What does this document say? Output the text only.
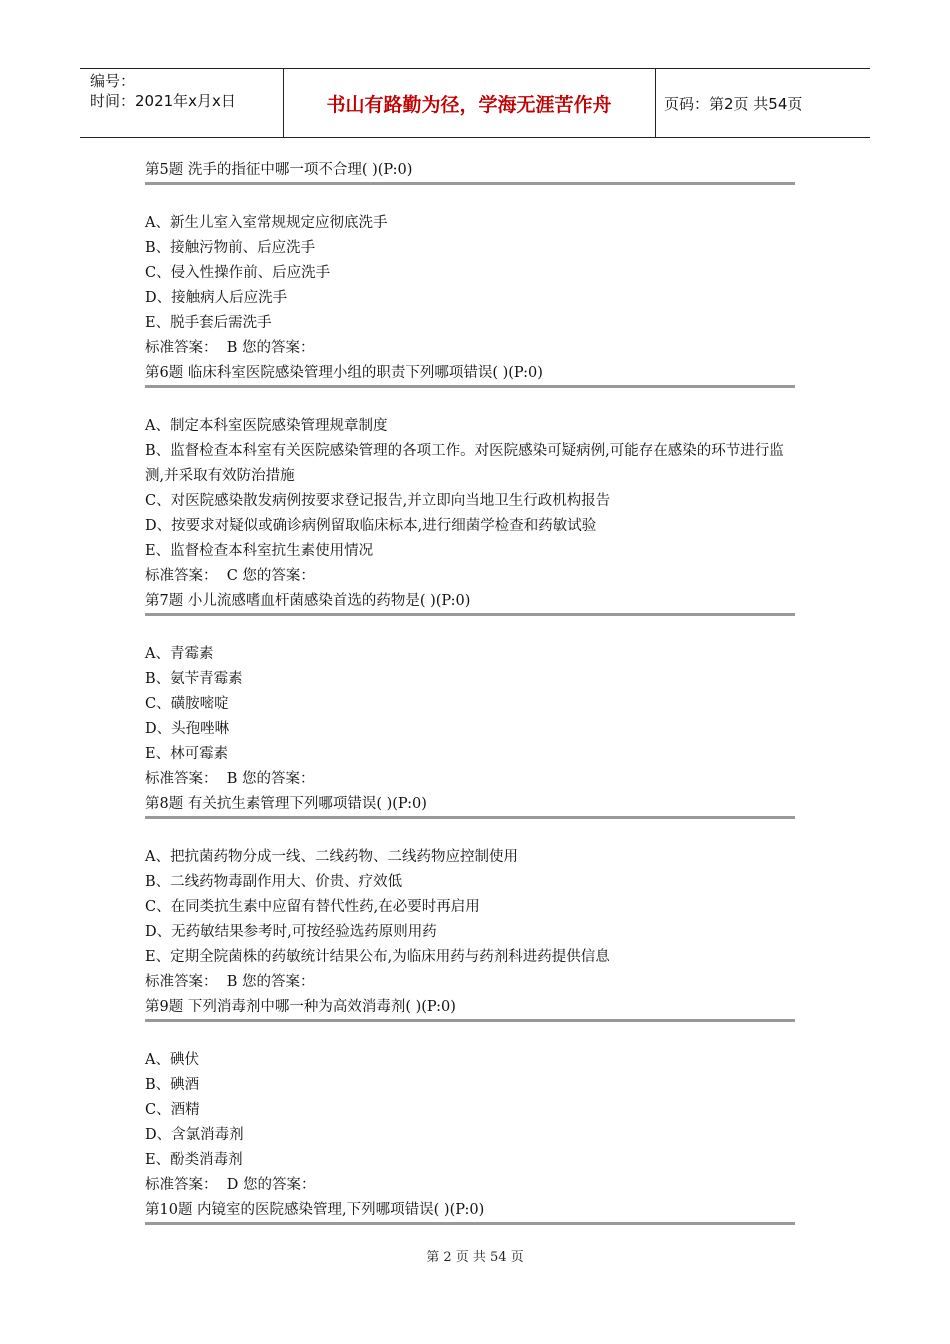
编号：
时间：2021年x月x日	书山有路勤为径，学海无涯苦作舟	页码：第2页 共54页
第5题 洗手的指征中哪一项不合理( )(P:0)
A、新生儿室入室常规规定应彻底洗手
B、接触污物前、后应洗手
C、侵入性操作前、后应洗手
D、接触病人后应洗手
E、脱手套后需洗手
标准答案：  B 您的答案：
第6题 临床科室医院感染管理小组的职责下列哪项错误( )(P:0)
A、制定本科室医院感染管理规章制度
B、监督检查本科室有关医院感染管理的各项工作。对医院感染可疑病例,可能存在感染的环节进行监测,并采取有效防治措施
C、对医院感染散发病例按要求登记报告,并立即向当地卫生行政机构报告
D、按要求对疑似或确诊病例留取临床标本,进行细菌学检查和药敏试验
E、监督检查本科室抗生素使用情况
标准答案：  C 您的答案：
第7题 小儿流感嗜血杆菌感染首选的药物是( )(P:0)
A、青霉素
B、氨苄青霉素
C、磺胺嘧啶
D、头孢唑啉
E、林可霉素
标准答案：  B 您的答案：
第8题 有关抗生素管理下列哪项错误( )(P:0)
A、把抗菌药物分成一线、二线药物、二线药物应控制使用
B、二线药物毒副作用大、价贵、疗效低
C、在同类抗生素中应留有替代性药,在必要时再启用
D、无药敏结果参考时,可按经验选药原则用药
E、定期全院菌株的药敏统计结果公布,为临床用药与药剂科进药提供信息
标准答案：  B 您的答案：
第9题 下列消毒剂中哪一种为高效消毒剂( )(P:0)
A、碘伏
B、碘酒
C、酒精
D、含氯消毒剂
E、酚类消毒剂
标准答案：  D 您的答案：
第10题 内镜室的医院感染管理,下列哪项错误( )(P:0)
第 2 页 共 54 页
